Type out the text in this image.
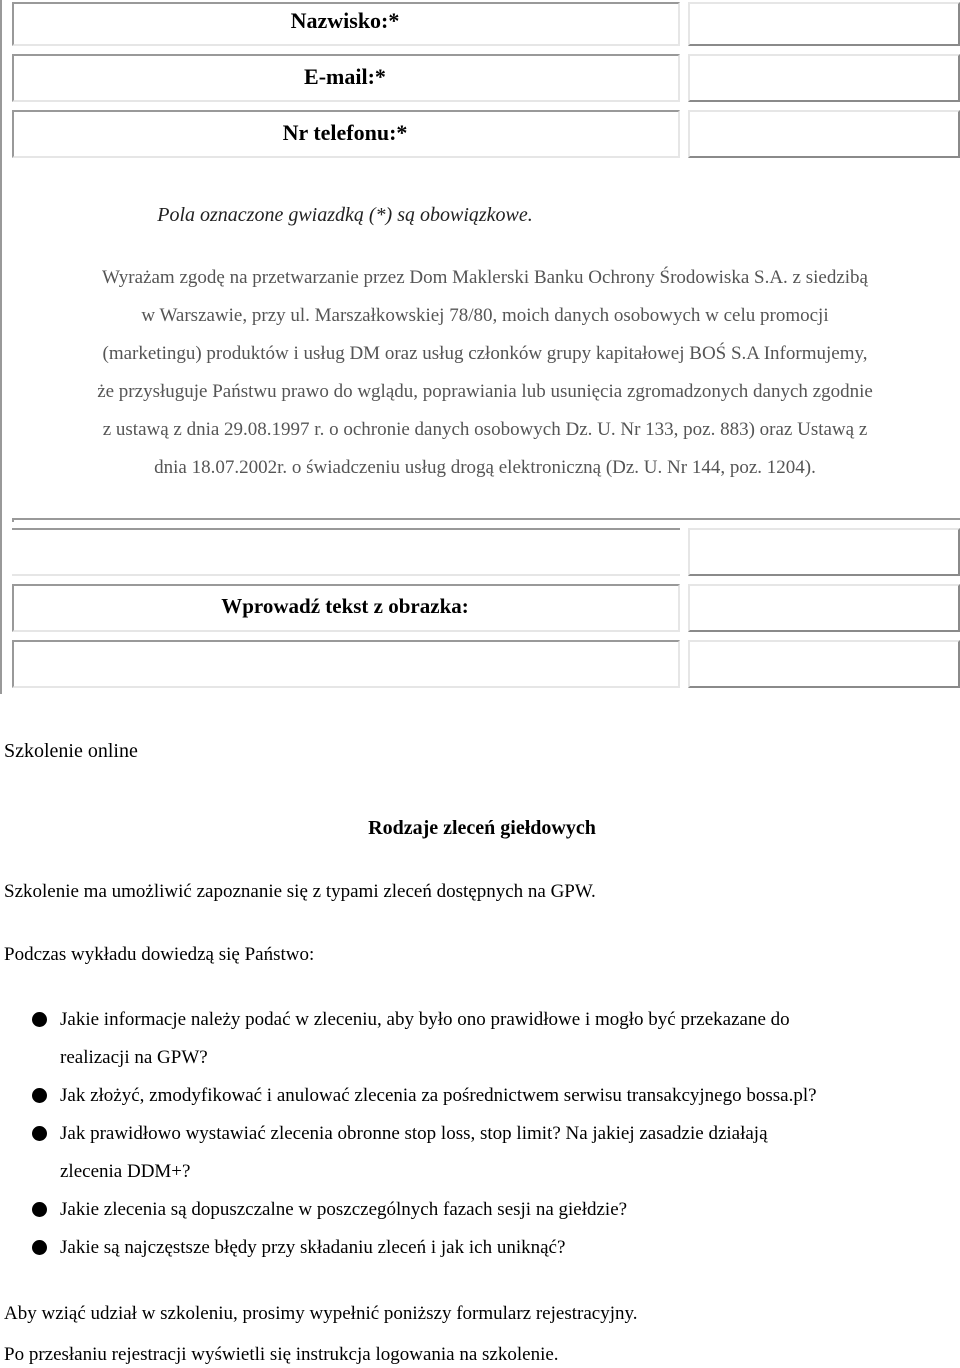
Nazwisko:*
E-mail:*
Nr telefonu:*
Pola oznaczone gwiazdką (*) są obowiązkowe.
Wyrażam zgodę na przetwarzanie przez Dom Maklerski Banku Ochrony Środowiska S.A. z siedzibą
w Warszawie, przy ul. Marszałkowskiej 78/80, moich danych osobowych w celu promocji
(marketingu) produktów i usług DM oraz usług członków grupy kapitałowej BOŚ S.A Informujemy,
że przysługuje Państwu prawo do wglądu, poprawiania lub usunięcia zgromadzonych danych zgodnie
z ustawą z dnia 29.08.1997 r. o ochronie danych osobowych Dz. U. Nr 133, poz. 883) oraz Ustawą z
dnia 18.07.2002r. o świadczeniu usług drogą elektroniczną (Dz. U. Nr 144, poz. 1204).
Wprowadź tekst z obrazka:
Szkolenie online
Rodzaje zleceń giełdowych
Szkolenie ma umożliwić zapoznanie się z typami zleceń dostępnych na GPW.
Podczas wykładu dowiedzą się Państwo:
Jakie informacje należy podać w zleceniu, aby było ono prawidłowe i mogło być przekazane do
realizacji na GPW?
Jak złożyć, zmodyfikować i anulować zlecenia za pośrednictwem serwisu transakcyjnego bossa.pl?
Jak prawidłowo wystawiać zlecenia obronne stop loss, stop limit? Na jakiej zasadzie działają
zlecenia DDM+?
Jakie zlecenia są dopuszczalne w poszczególnych fazach sesji na giełdzie?
Jakie są najczęstsze błędy przy składaniu zleceń i jak ich uniknąć?
Aby wziąć udział w szkoleniu, prosimy wypełnić poniższy formularz rejestracyjny.
Po przesłaniu rejestracji wyświetli się instrukcja logowania na szkolenie.
